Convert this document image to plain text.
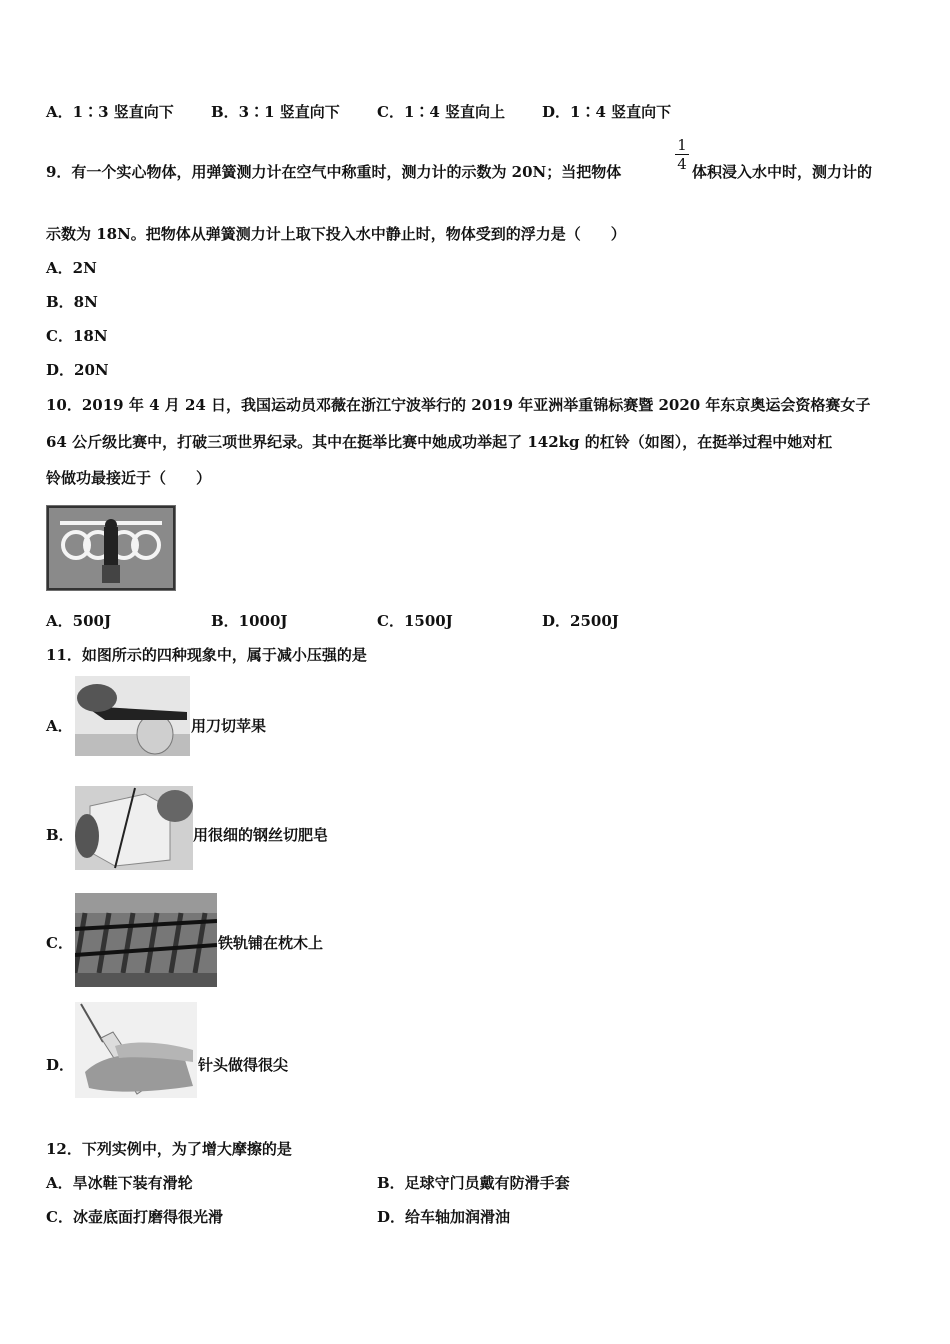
A．1∶3 竖直向下 B．3∶1 竖直向下 C．1∶4 竖直向上 D．1∶4 竖直向下
9．有一个实心物体，用弹簧测力计在空气中称重时，测力计的示数为 20N；当把物体
1
4 体积浸入水中时，测力计的
示数为 18N。把物体从弹簧测力计上取下投入水中静止时，物体受到的浮力是（　　）
A．2N
B．8N
C．18N
D．20N
10．2019 年 4 月 24 日，我国运动员邓薇在浙江宁波举行的 2019 年亚洲举重锦标赛暨 2020 年东京奥运会资格赛女子
64 公斤级比赛中，打破三项世界纪录。其中在挺举比赛中她成功举起了 142kg 的杠铃（如图），在挺举过程中她对杠
铃做功最接近于（　　）
A．500J	B．1000J	C．1500J	D．2500J
11．如图所示的四种现象中，属于减小压强的是
A．	用刀切苹果
B．	用很细的钢丝切肥皂
C．	铁轨铺在枕木上
D．	针头做得很尖
12．下列实例中，为了增大摩擦的是
A．旱冰鞋下装有滑轮	B．足球守门员戴有防滑手套
C．冰壶底面打磨得很光滑	D．给车轴加润滑油
